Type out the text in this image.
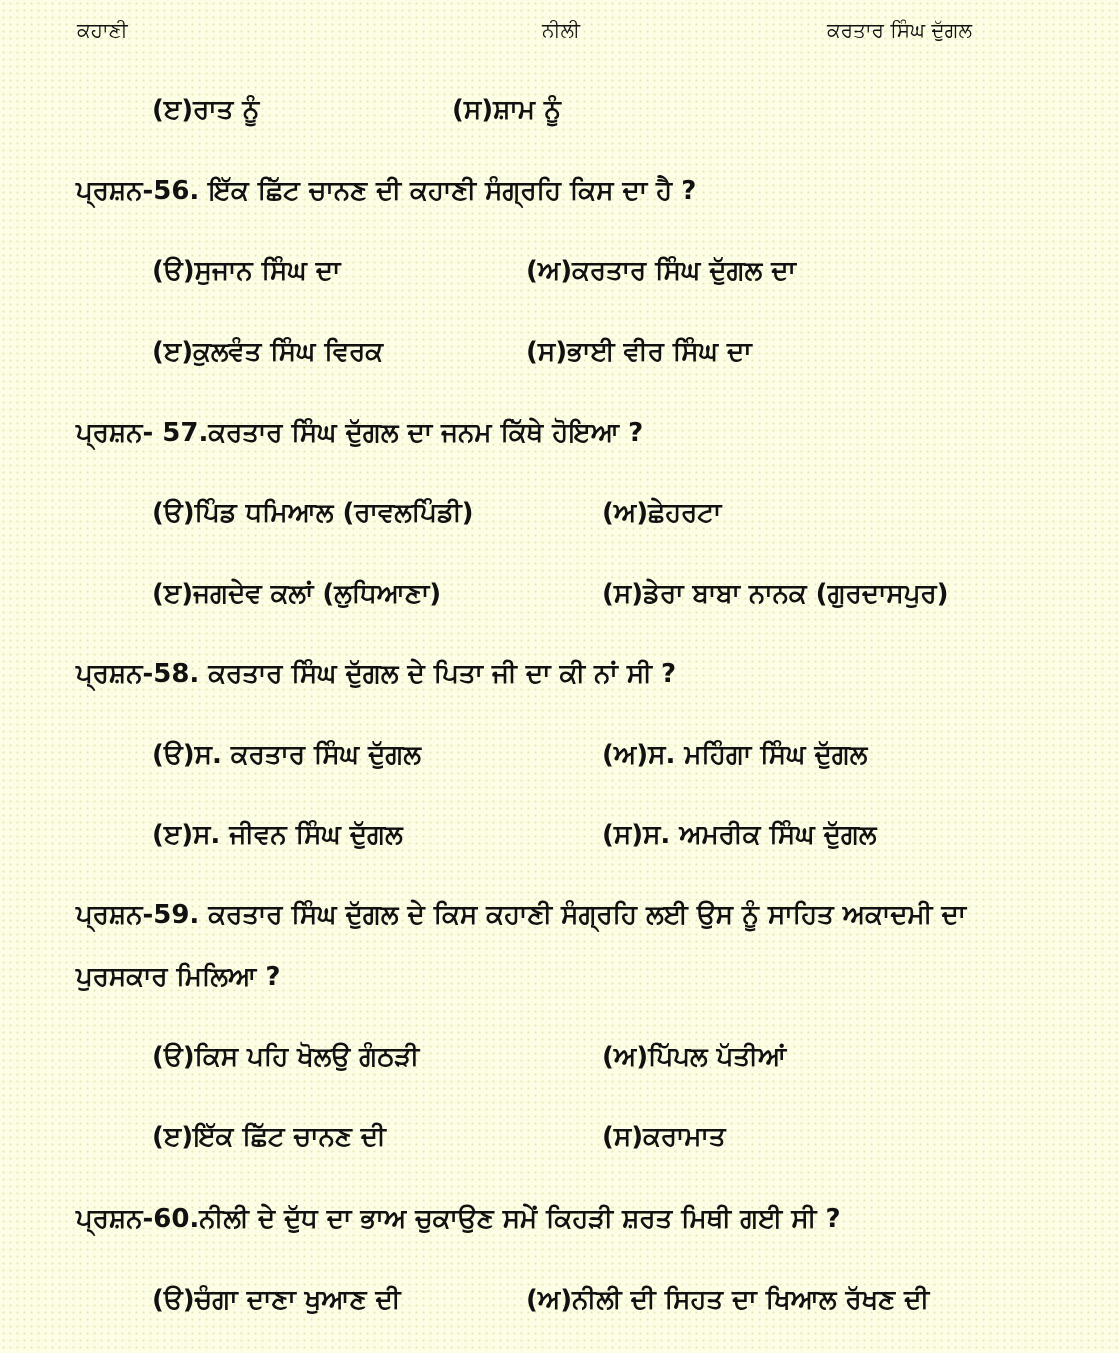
ਕਹਾਣੀ	ਨੀਲੀ	ਕਰਤਾਰ ਸਿੰਘ ਦੁੱਗਲ
(ੲ)ਰਾਤ ਨੂੰ	(ਸ)ਸ਼ਾਮ ਨੂੰ
ਪ੍ਰਸ਼ਨ-56. ਇੱਕ ਛਿੱਟ ਚਾਨਣ ਦੀ ਕਹਾਣੀ ਸੰਗ੍ਰਹਿ ਕਿਸ ਦਾ ਹੈ ?
(ੳ)ਸੁਜਾਨ ਸਿੰਘ ਦਾ	(ਅ)ਕਰਤਾਰ ਸਿੰਘ ਦੁੱਗਲ ਦਾ
(ੲ)ਕੁਲਵੰਤ ਸਿੰਘ ਵਿਰਕ	(ਸ)ਭਾਈ ਵੀਰ ਸਿੰਘ ਦਾ
ਪ੍ਰਸ਼ਨ- 57.ਕਰਤਾਰ ਸਿੰਘ ਦੁੱਗਲ ਦਾ ਜਨਮ ਕਿੱਥੇ ਹੋਇਆ ?
(ੳ)ਪਿੰਡ ਧਮਿਆਲ (ਰਾਵਲਪਿੰਡੀ)	(ਅ)ਛੇਹਰਟਾ
(ੲ)ਜਗਦੇਵ ਕਲਾਂ (ਲੁਧਿਆਣਾ)	(ਸ)ਡੇਰਾ ਬਾਬਾ ਨਾਨਕ (ਗੁਰਦਾਸਪੁਰ)
ਪ੍ਰਸ਼ਨ-58. ਕਰਤਾਰ ਸਿੰਘ ਦੁੱਗਲ ਦੇ ਪਿਤਾ ਜੀ ਦਾ ਕੀ ਨਾਂ ਸੀ ?
(ੳ)ਸ. ਕਰਤਾਰ ਸਿੰਘ ਦੁੱਗਲ	(ਅ)ਸ. ਮਹਿੰਗਾ ਸਿੰਘ ਦੁੱਗਲ
(ੲ)ਸ. ਜੀਵਨ ਸਿੰਘ ਦੁੱਗਲ	(ਸ)ਸ. ਅਮਰੀਕ ਸਿੰਘ ਦੁੱਗਲ
ਪ੍ਰਸ਼ਨ-59. ਕਰਤਾਰ ਸਿੰਘ ਦੁੱਗਲ ਦੇ ਕਿਸ ਕਹਾਣੀ ਸੰਗ੍ਰਹਿ ਲਈ ਉਸ ਨੂੰ ਸਾਹਿਤ ਅਕਾਦਮੀ ਦਾ
ਪੁਰਸਕਾਰ ਮਿਲਿਆ ?
(ੳ)ਕਿਸ ਪਹਿ ਖੋਲਉ ਗੰਠੜੀ	(ਅ)ਪਿੱਪਲ ਪੱਤੀਆਂ
(ੲ)ਇੱਕ ਛਿੱਟ ਚਾਨਣ ਦੀ	(ਸ)ਕਰਾਮਾਤ
ਪ੍ਰਸ਼ਨ-60.ਨੀਲੀ ਦੇ ਦੁੱਧ ਦਾ ਭਾਅ ਚੁਕਾਉਣ ਸਮੇਂ ਕਿਹੜੀ ਸ਼ਰਤ ਮਿਥੀ ਗਈ ਸੀ ?
(ੳ)ਚੰਗਾ ਦਾਣਾ ਖੁਆਣ ਦੀ	(ਅ)ਨੀਲੀ ਦੀ ਸਿਹਤ ਦਾ ਖਿਆਲ ਰੱਖਣ ਦੀ
